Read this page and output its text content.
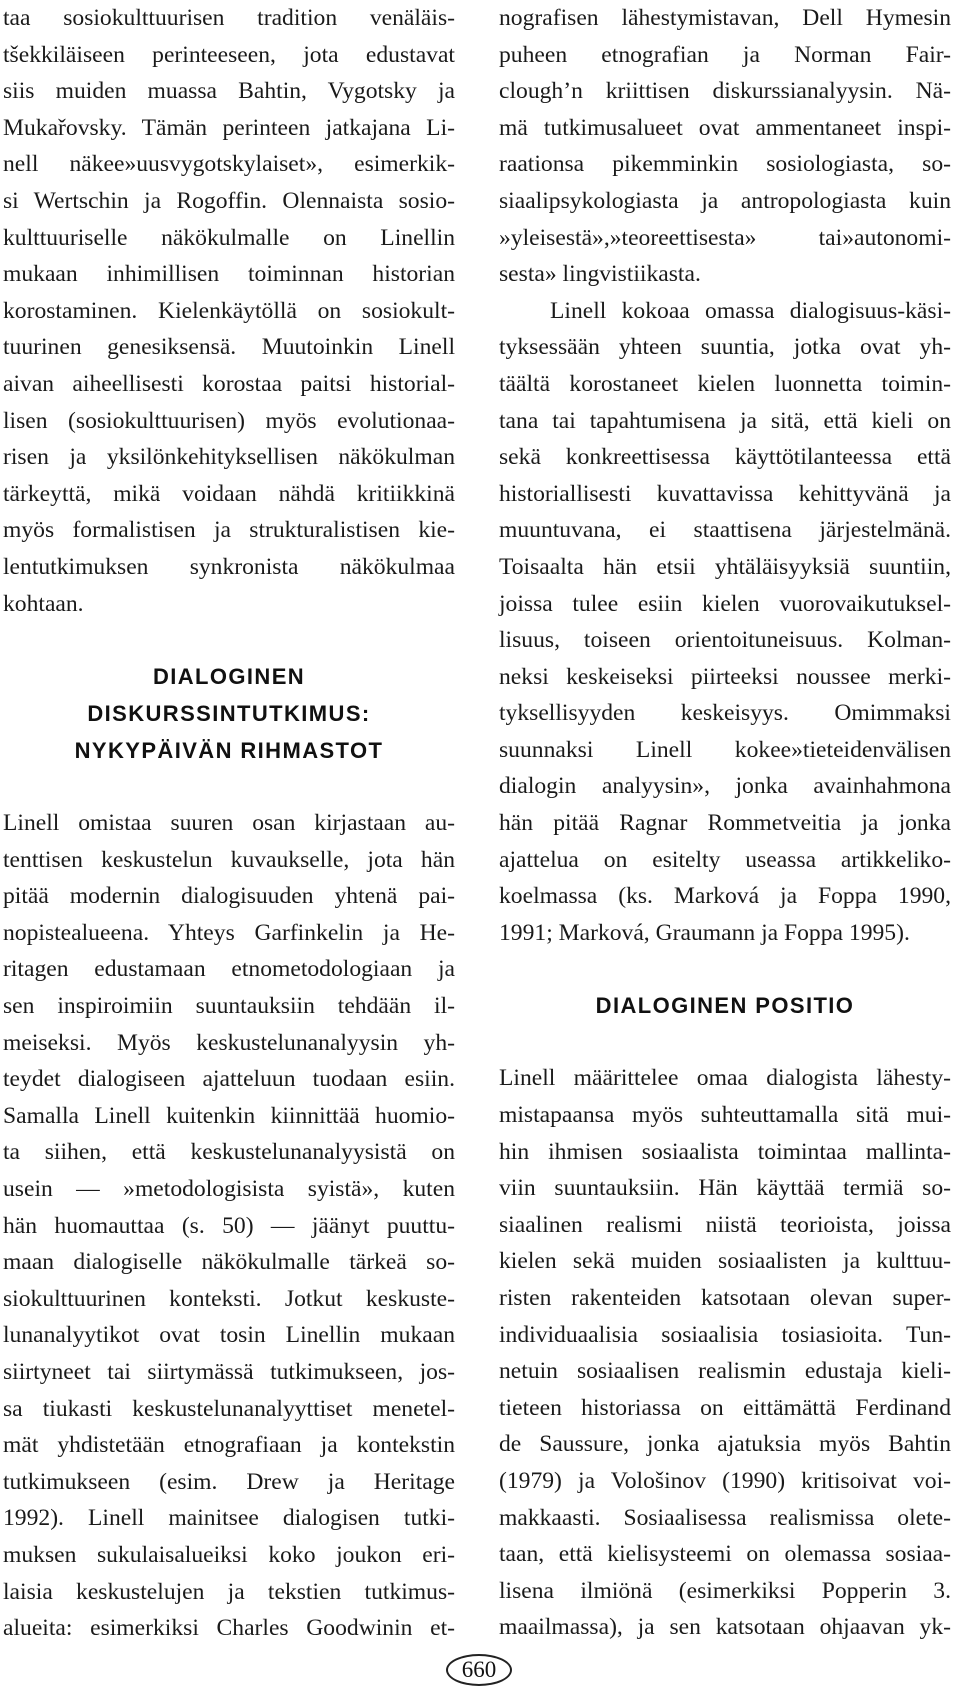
taa sosiokulttuurisen tradition venäläis-
tšekkiläiseen perinteeseen, jota edustavat
siis muiden muassa Bahtin, Vygotsky ja
Mukařovsky. Tämän perinteen jatkajana Li-
nell näkee»uusvygotskylaiset», esimerkik-
si Wertschin ja Rogoffin. Olennaista sosio-
kulttuuriselle näkökulmalle on Linellin
mukaan inhimillisen toiminnan historian
korostaminen. Kielenkäytöllä on sosiokult-
tuurinen genesiksensä. Muutoinkin Linell
aivan aiheellisesti korostaa paitsi historial-
lisen (sosiokulttuurisen) myös evolutionaa-
risen ja yksilönkehityksellisen näkökulman
tärkeyttä, mikä voidaan nähdä kritiikkinä
myös formalistisen ja strukturalistisen kie-
lentutkimuksen synkronista näkökulmaa
kohtaan.
DIALOGINEN
DISKURSSINTUTKIMUS:
NYKYPÄIVÄN RIHMASTOT
Linell omistaa suuren osan kirjastaan au-
tenttisen keskustelun kuvaukselle, jota hän
pitää modernin dialogisuuden yhtenä pai-
nopistealueena. Yhteys Garfinkelin ja He-
ritagen edustamaan etnometodologiaan ja
sen inspiroimiin suuntauksiin tehdään il-
meiseksi. Myös keskustelunanalyysin yh-
teydet dialogiseen ajatteluun tuodaan esiin.
Samalla Linell kuitenkin kiinnittää huomio-
ta siihen, että keskustelunanalyysistä on
usein — »metodologisista syistä», kuten
hän huomauttaa (s. 50) — jäänyt puuttu-
maan dialogiselle näkökulmalle tärkeä so-
siokulttuurinen konteksti. Jotkut keskuste-
lunanalyytikot ovat tosin Linellin mukaan
siirtyneet tai siirtymässä tutkimukseen, jos-
sa tiukasti keskustelunanalyyttiset menetel-
mät yhdistetään etnografiaan ja kontekstin
tutkimukseen (esim. Drew ja Heritage
1992). Linell mainitsee dialogisen tutki-
muksen sukulaisalueiksi koko joukon eri-
laisia keskustelujen ja tekstien tutkimus-
alueita: esimerkiksi Charles Goodwinin et-
nografisen lähestymistavan, Dell Hymesin
puheen etnografian ja Norman Fair-
clough’n kriittisen diskurssianalyysin. Nä-
mä tutkimusalueet ovat ammentaneet inspi-
raationsa pikemminkin sosiologiasta, so-
siaalipsykologiasta ja antropologiasta kuin
»yleisestä»,»teoreettisesta» tai»autonomi-
sesta» lingvistiikasta.
Linell kokoaa omassa dialogisuus-käsi-
tyksessään yhteen suuntia, jotka ovat yh-
täältä korostaneet kielen luonnetta toimin-
tana tai tapahtumisena ja sitä, että kieli on
sekä konkreettisessa käyttötilanteessa että
historiallisesti kuvattavissa kehittyvänä ja
muuntuvana, ei staattisena järjestelmänä.
Toisaalta hän etsii yhtäläisyyksiä suuntiin,
joissa tulee esiin kielen vuorovaikutuksel-
lisuus, toiseen orientoituneisuus. Kolman-
neksi keskeiseksi piirteeksi noussee merki-
tyksellisyyden keskeisyys. Omimmaksi
suunnaksi Linell kokee»tieteidenvälisen
dialogin analyysin», jonka avainhahmona
hän pitää Ragnar Rommetveitia ja jonka
ajattelua on esitelty useassa artikkeliko-
koelmassa (ks. Marková ja Foppa 1990,
1991; Marková, Graumann ja Foppa 1995).
DIALOGINEN POSITIO
Linell määrittelee omaa dialogista lähesty-
mistapaansa myös suhteuttamalla sitä mui-
hin ihmisen sosiaalista toimintaa mallinta-
viin suuntauksiin. Hän käyttää termiä so-
siaalinen realismi niistä teorioista, joissa
kielen sekä muiden sosiaalisten ja kulttuu-
risten rakenteiden katsotaan olevan super-
individuaalisia sosiaalisia tosiasioita. Tun-
netuin sosiaalisen realismin edustaja kieli-
tieteen historiassa on eittämättä Ferdinand
de Saussure, jonka ajatuksia myös Bahtin
(1979) ja Vološinov (1990) kritisoivat voi-
makkaasti. Sosiaalisessa realismissa olete-
taan, että kielisysteemi on olemassa sosiaa-
lisena ilmiönä (esimerkiksi Popperin 3.
maailmassa), ja sen katsotaan ohjaavan yk-
660
